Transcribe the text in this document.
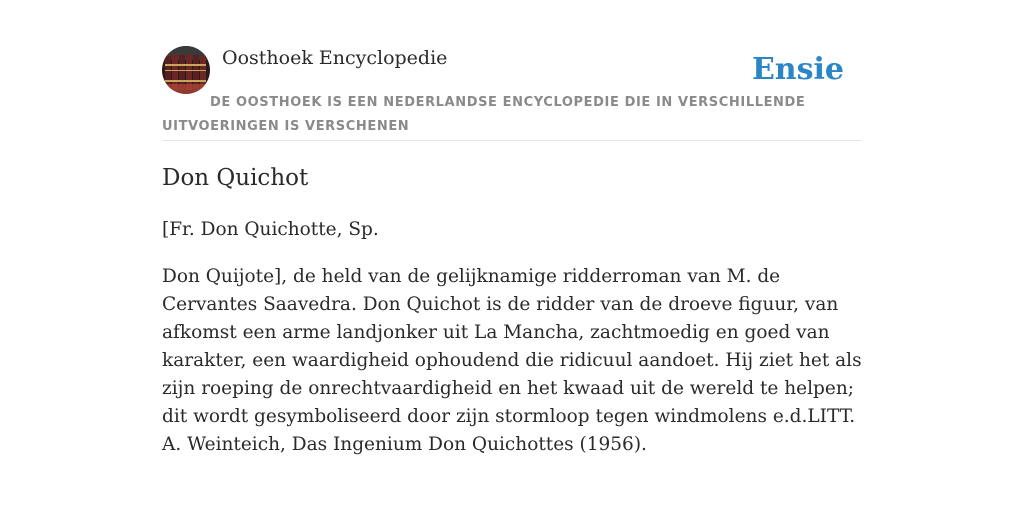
Oosthoek Encyclopedie	Ensie
DE OOSTHOEK IS EEN NEDERLANDSE ENCYCLOPEDIE DIE IN VERSCHILLENDE UITVOERINGEN IS VERSCHENEN
Don Quichot

[Fr. Don Quichotte, Sp.

Don Quijote], de held van de gelijknamige ridderroman van M. de Cervantes Saavedra. Don Quichot is de ridder van de droeve figuur, van afkomst een arme landjonker uit La Mancha, zachtmoedig en goed van karakter, een waardigheid ophoudend die ridicuul aandoet. Hij ziet het als zijn roeping de onrechtvaardigheid en het kwaad uit de wereld te helpen; dit wordt gesymboliseerd door zijn stormloop tegen windmolens e.d.LITT. A. Weinteich, Das Ingenium Don Quichottes (1956).
